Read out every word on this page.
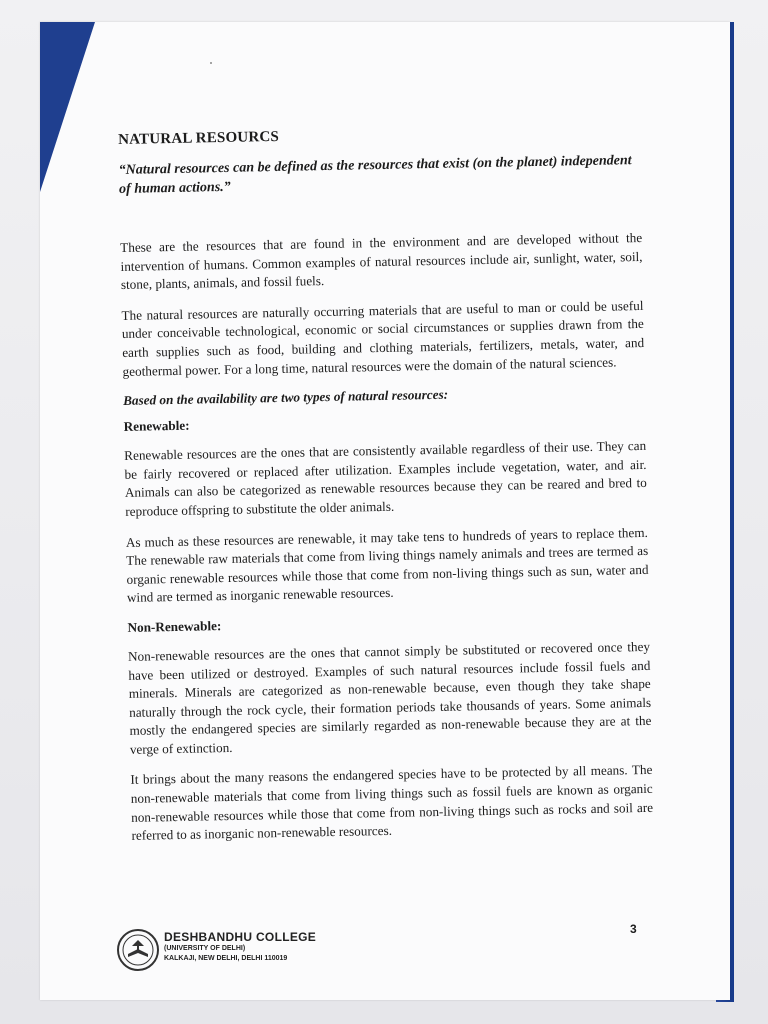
NATURAL RESOURCS
“Natural resources can be defined as the resources that exist (on the planet) independent of human actions.”

These are the resources that are found in the environment and are developed without the intervention of humans. Common examples of natural resources include air, sunlight, water, soil, stone, plants, animals, and fossil fuels.

The natural resources are naturally occurring materials that are useful to man or could be useful under conceivable technological, economic or social circumstances or supplies drawn from the earth supplies such as food, building and clothing materials, fertilizers, metals, water, and geothermal power. For a long time, natural resources were the domain of the natural sciences.

Based on the availability are two types of natural resources:
Renewable:

Renewable resources are the ones that are consistently available regardless of their use. They can be fairly recovered or replaced after utilization. Examples include vegetation, water, and air. Animals can also be categorized as renewable resources because they can be reared and bred to reproduce offspring to substitute the older animals.

As much as these resources are renewable, it may take tens to hundreds of years to replace them. The renewable raw materials that come from living things namely animals and trees are termed as organic renewable resources while those that come from non-living things such as sun, water and wind are termed as inorganic renewable resources.

Non-Renewable:

Non-renewable resources are the ones that cannot simply be substituted or recovered once they have been utilized or destroyed. Examples of such natural resources include fossil fuels and minerals. Minerals are categorized as non-renewable because, even though they take shape naturally through the rock cycle, their formation periods take thousands of years. Some animals mostly the endangered species are similarly regarded as non-renewable because they are at the verge of extinction.

It brings about the many reasons the endangered species have to be protected by all means. The non-renewable materials that come from living things such as fossil fuels are known as organic non-renewable resources while those that come from non-living things such as rocks and soil are referred to as inorganic non-renewable resources.

DESHBANDHU COLLEGE
(UNIVERSITY OF DELHI)
KALKAJI, NEW DELHI, DELHI 110019
3
